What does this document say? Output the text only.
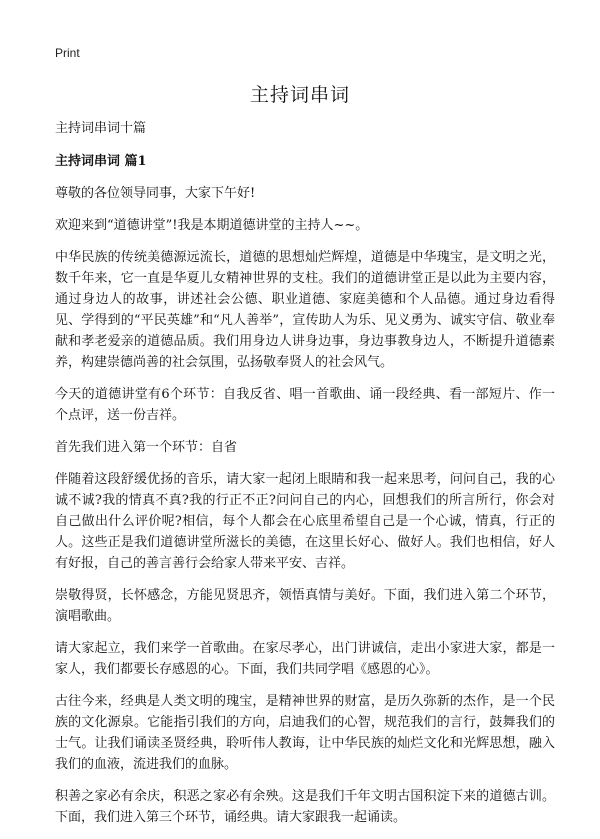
Print
主持词串词

主持词串词十篇

主持词串词 篇1

尊敬的各位领导同事，大家下午好!

欢迎来到“道德讲堂”!我是本期道德讲堂的主持人~~。

中华民族的传统美德源远流长，道德的思想灿烂辉煌，道德是中华瑰宝，是文明之光，数千年来，它一直是华夏儿女精神世界的支柱。我们的道德讲堂正是以此为主要内容，通过身边人的故事，讲述社会公德、职业道德、家庭美德和个人品德。通过身边看得见、学得到的“平民英雄”和“凡人善举”，宣传助人为乐、见义勇为、诚实守信、敬业奉献和孝老爱亲的道德品质。我们用身边人讲身边事，身边事教身边人，不断提升道德素养，构建崇德尚善的社会氛围，弘扬敬奉贤人的社会风气。

今天的道德讲堂有6个环节：自我反省、唱一首歌曲、诵一段经典、看一部短片、作一个点评，送一份吉祥。

首先我们进入第一个环节：自省

伴随着这段舒缓优扬的音乐，请大家一起闭上眼睛和我一起来思考，问问自己，我的心诚不诚?我的情真不真?我的行正不正?问问自己的内心，回想我们的所言所行，你会对自己做出什么评价呢?相信，每个人都会在心底里希望自己是一个心诚，情真，行正的人。这些正是我们道德讲堂所滋长的美德，在这里长好心、做好人。我们也相信，好人有好报，自己的善言善行会给家人带来平安、吉祥。

崇敬得贤，长怀感念，方能见贤思齐，领悟真情与美好。下面，我们进入第二个环节，演唱歌曲。

请大家起立，我们来学一首歌曲。在家尽孝心，出门讲诚信，走出小家进大家，都是一家人，我们都要长存感恩的心。下面，我们共同学唱《感恩的心》。

古往今来，经典是人类文明的瑰宝，是精神世界的财富，是历久弥新的杰作，是一个民族的文化源泉。它能指引我们的方向，启迪我们的心智，规范我们的言行，鼓舞我们的士气。让我们诵读圣贤经典，聆听伟人教诲，让中华民族的灿烂文化和光辉思想，融入我们的血液，流进我们的血脉。

积善之家必有余庆，积恶之家必有余殃。这是我们千年文明古国积淀下来的道德古训。下面，我们进入第三个环节，诵经典。请大家跟我一起诵读。
